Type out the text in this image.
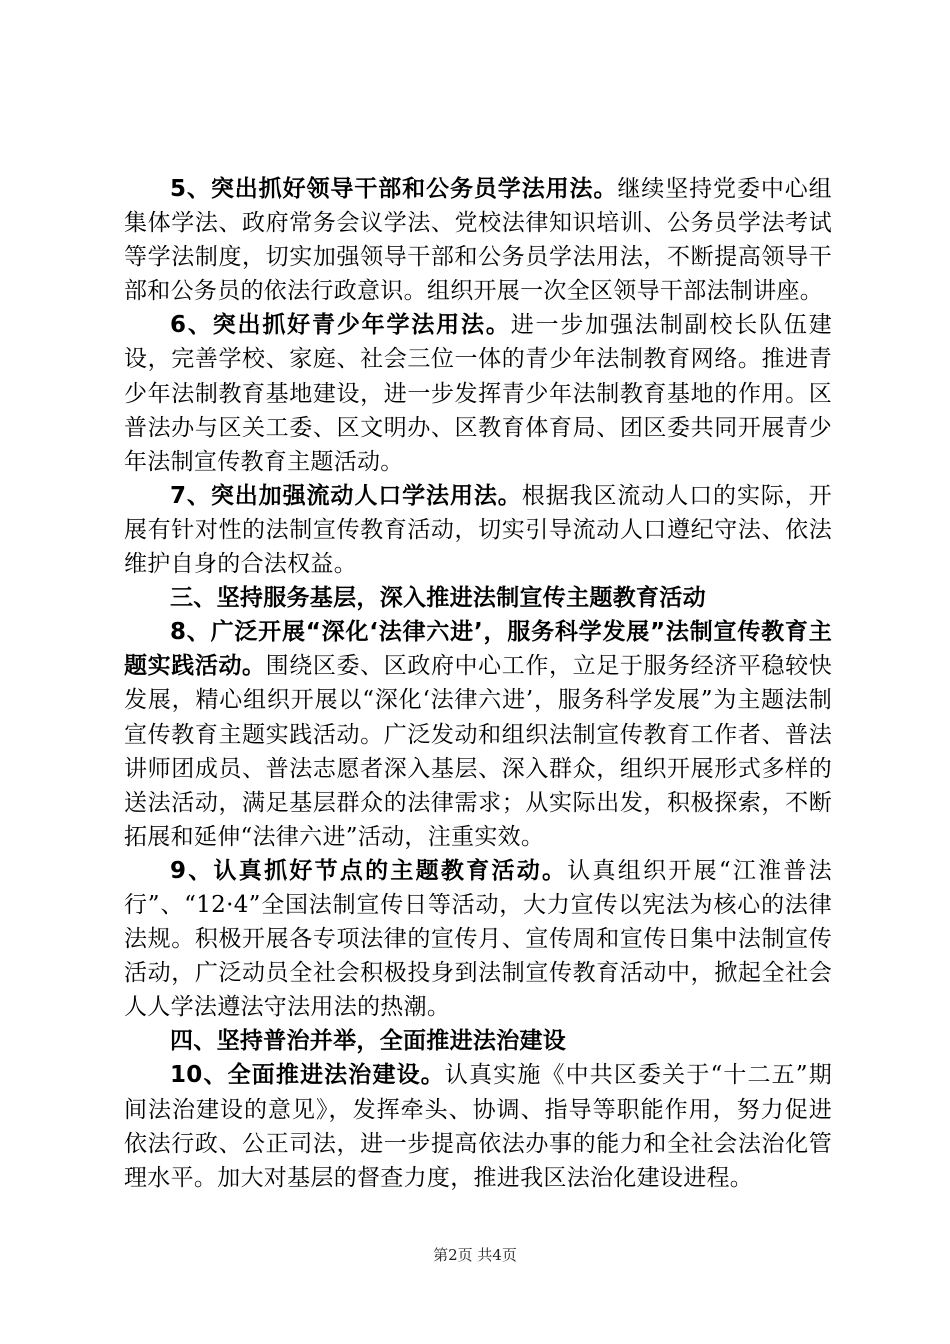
5、突出抓好领导干部和公务员学法用法。继续坚持党委中心组集体学法、政府常务会议学法、党校法律知识培训、公务员学法考试等学法制度，切实加强领导干部和公务员学法用法，不断提高领导干部和公务员的依法行政意识。组织开展一次全区领导干部法制讲座。

6、突出抓好青少年学法用法。进一步加强法制副校长队伍建设，完善学校、家庭、社会三位一体的青少年法制教育网络。推进青少年法制教育基地建设，进一步发挥青少年法制教育基地的作用。区普法办与区关工委、区文明办、区教育体育局、团区委共同开展青少年法制宣传教育主题活动。

7、突出加强流动人口学法用法。根据我区流动人口的实际，开展有针对性的法制宣传教育活动，切实引导流动人口遵纪守法、依法维护自身的合法权益。

三、坚持服务基层，深入推进法制宣传主题教育活动

8、广泛开展“深化‘法律六进’，服务科学发展”法制宣传教育主题实践活动。围绕区委、区政府中心工作，立足于服务经济平稳较快发展，精心组织开展以“深化‘法律六进’，服务科学发展”为主题法制宣传教育主题实践活动。广泛发动和组织法制宣传教育工作者、普法讲师团成员、普法志愿者深入基层、深入群众，组织开展形式多样的送法活动，满足基层群众的法律需求；从实际出发，积极探索，不断拓展和延伸“法律六进”活动，注重实效。

9、认真抓好节点的主题教育活动。认真组织开展“江淮普法行”、“12·4”全国法制宣传日等活动，大力宣传以宪法为核心的法律法规。积极开展各专项法律的宣传月、宣传周和宣传日集中法制宣传活动，广泛动员全社会积极投身到法制宣传教育活动中，掀起全社会人人学法遵法守法用法的热潮。

四、坚持普治并举，全面推进法治建设

10、全面推进法治建设。认真实施《中共区委关于“十二五”期间法治建设的意见》，发挥牵头、协调、指导等职能作用，努力促进依法行政、公正司法，进一步提高依法办事的能力和全社会法治化管理水平。加大对基层的督查力度，推进我区法治化建设进程。

第2页 共4页
